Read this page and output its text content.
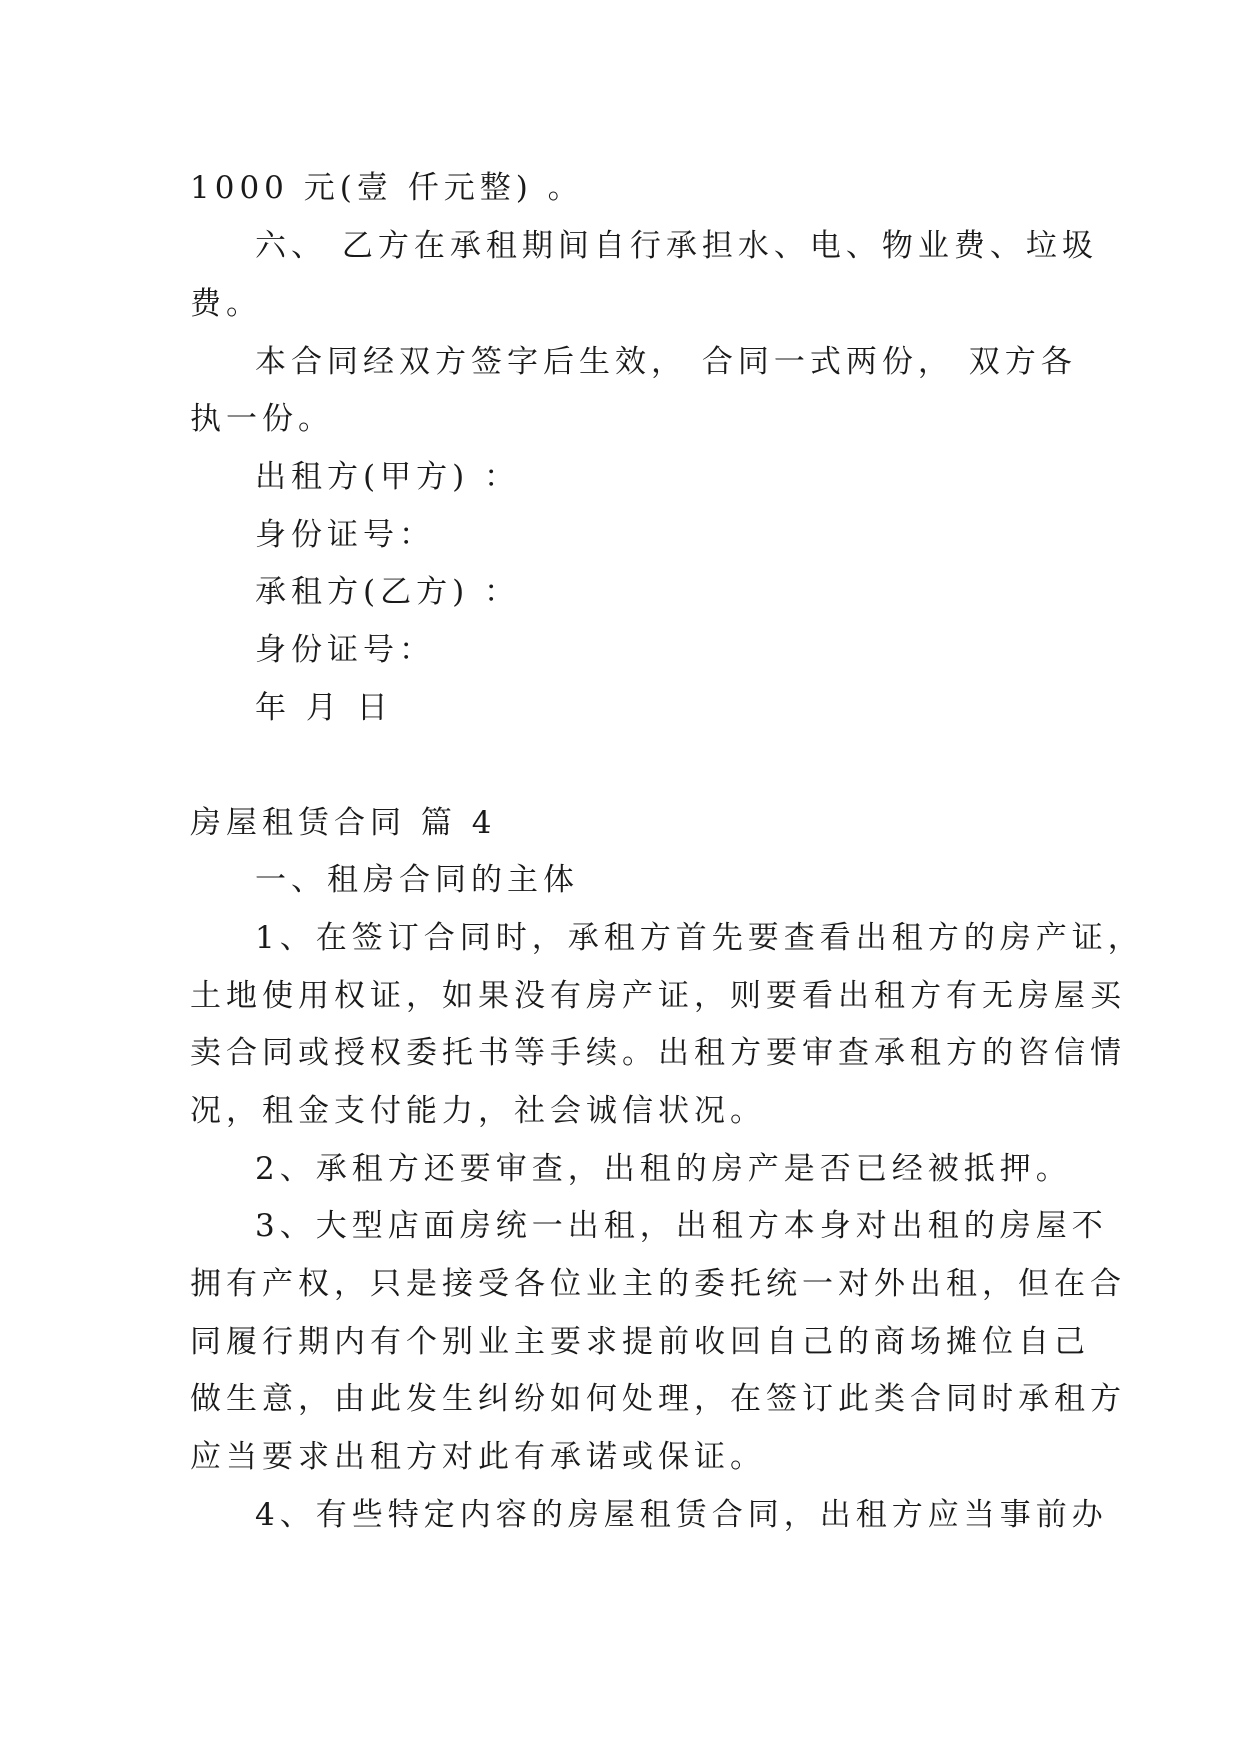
1000 元(壹 仟元整) 。
六、 乙方在承租期间自行承担水、电、物业费、垃圾
费。
本合同经双方签字后生效， 合同一式两份， 双方各
执一份。
出租方(甲方) ：
身份证号：
承租方(乙方) ：
身份证号：
年 月 日
房屋租赁合同 篇 4
一、租房合同的主体
1、在签订合同时，承租方首先要查看出租方的房产证，
土地使用权证，如果没有房产证，则要看出租方有无房屋买
卖合同或授权委托书等手续。出租方要审查承租方的咨信情
况，租金支付能力，社会诚信状况。
2、承租方还要审查，出租的房产是否已经被抵押。
3、大型店面房统一出租，出租方本身对出租的房屋不
拥有产权，只是接受各位业主的委托统一对外出租，但在合
同履行期内有个别业主要求提前收回自己的商场摊位自己
做生意，由此发生纠纷如何处理，在签订此类合同时承租方
应当要求出租方对此有承诺或保证。
4、有些特定内容的房屋租赁合同，出租方应当事前办
